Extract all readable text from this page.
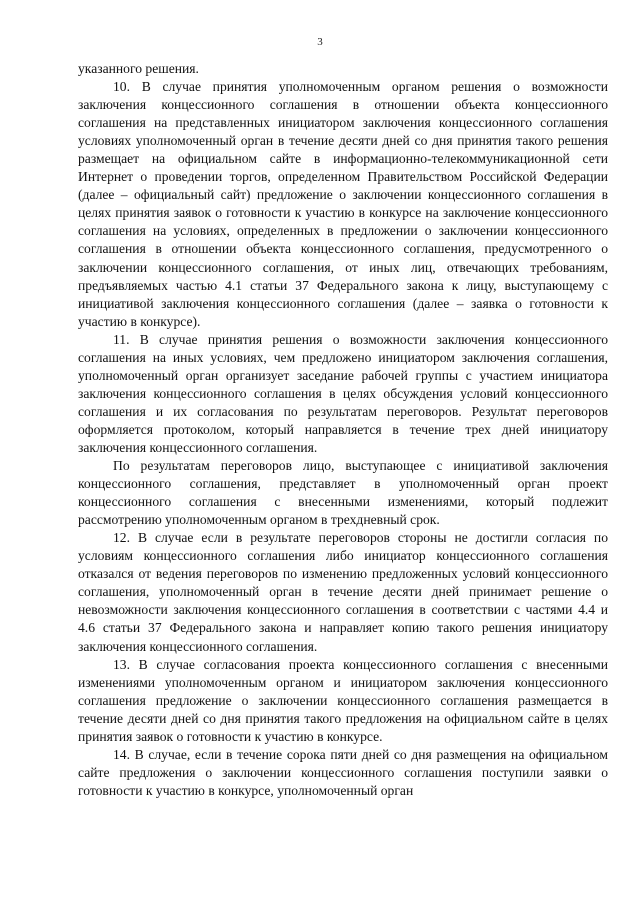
3

указанного решения.

10. В случае принятия уполномоченным органом решения о возможности заключения концессионного соглашения в отношении объекта концессионного соглашения на представленных инициатором заключения концессионного соглашения условиях уполномоченный орган в течение десяти дней со дня принятия такого решения размещает на официальном сайте в информационно-телекоммуникационной сети Интернет о проведении торгов, определенном Правительством Российской Федерации (далее – официальный сайт) предложение о заключении концессионного соглашения в целях принятия заявок о готовности к участию в конкурсе на заключение концессионного соглашения на условиях, определенных в предложении о заключении концессионного соглашения в отношении объекта концессионного соглашения, предусмотренного о заключении концессионного соглашения, от иных лиц, отвечающих требованиям, предъявляемых частью 4.1 статьи 37 Федерального закона к лицу, выступающему с инициативой заключения концессионного соглашения (далее – заявка о готовности к участию в конкурсе).

11. В случае принятия решения о возможности заключения концессионного соглашения на иных условиях, чем предложено инициатором заключения соглашения, уполномоченный орган организует заседание рабочей группы с участием инициатора заключения концессионного соглашения в целях обсуждения условий концессионного соглашения и их согласования по результатам переговоров. Результат переговоров оформляется протоколом, который направляется в течение трех дней инициатору заключения концессионного соглашения.

По результатам переговоров лицо, выступающее с инициативой заключения концессионного соглашения, представляет в уполномоченный орган проект концессионного соглашения с внесенными изменениями, который подлежит рассмотрению уполномоченным органом в трехдневный срок.

12. В случае если в результате переговоров стороны не достигли согласия по условиям концессионного соглашения либо инициатор концессионного соглашения отказался от ведения переговоров по изменению предложенных условий концессионного соглашения, уполномоченный орган в течение десяти дней принимает решение о невозможности заключения концессионного соглашения в соответствии с частями 4.4 и 4.6 статьи 37 Федерального закона и направляет копию такого решения инициатору заключения концессионного соглашения.

13. В случае согласования проекта концессионного соглашения с внесенными изменениями уполномоченным органом и инициатором заключения концессионного соглашения предложение о заключении концессионного соглашения размещается в течение десяти дней со дня принятия такого предложения на официальном сайте в целях принятия заявок о готовности к участию в конкурсе.

14. В случае, если в течение сорока пяти дней со дня размещения на официальном сайте предложения о заключении концессионного соглашения поступили заявки о готовности к участию в конкурсе, уполномоченный орган
